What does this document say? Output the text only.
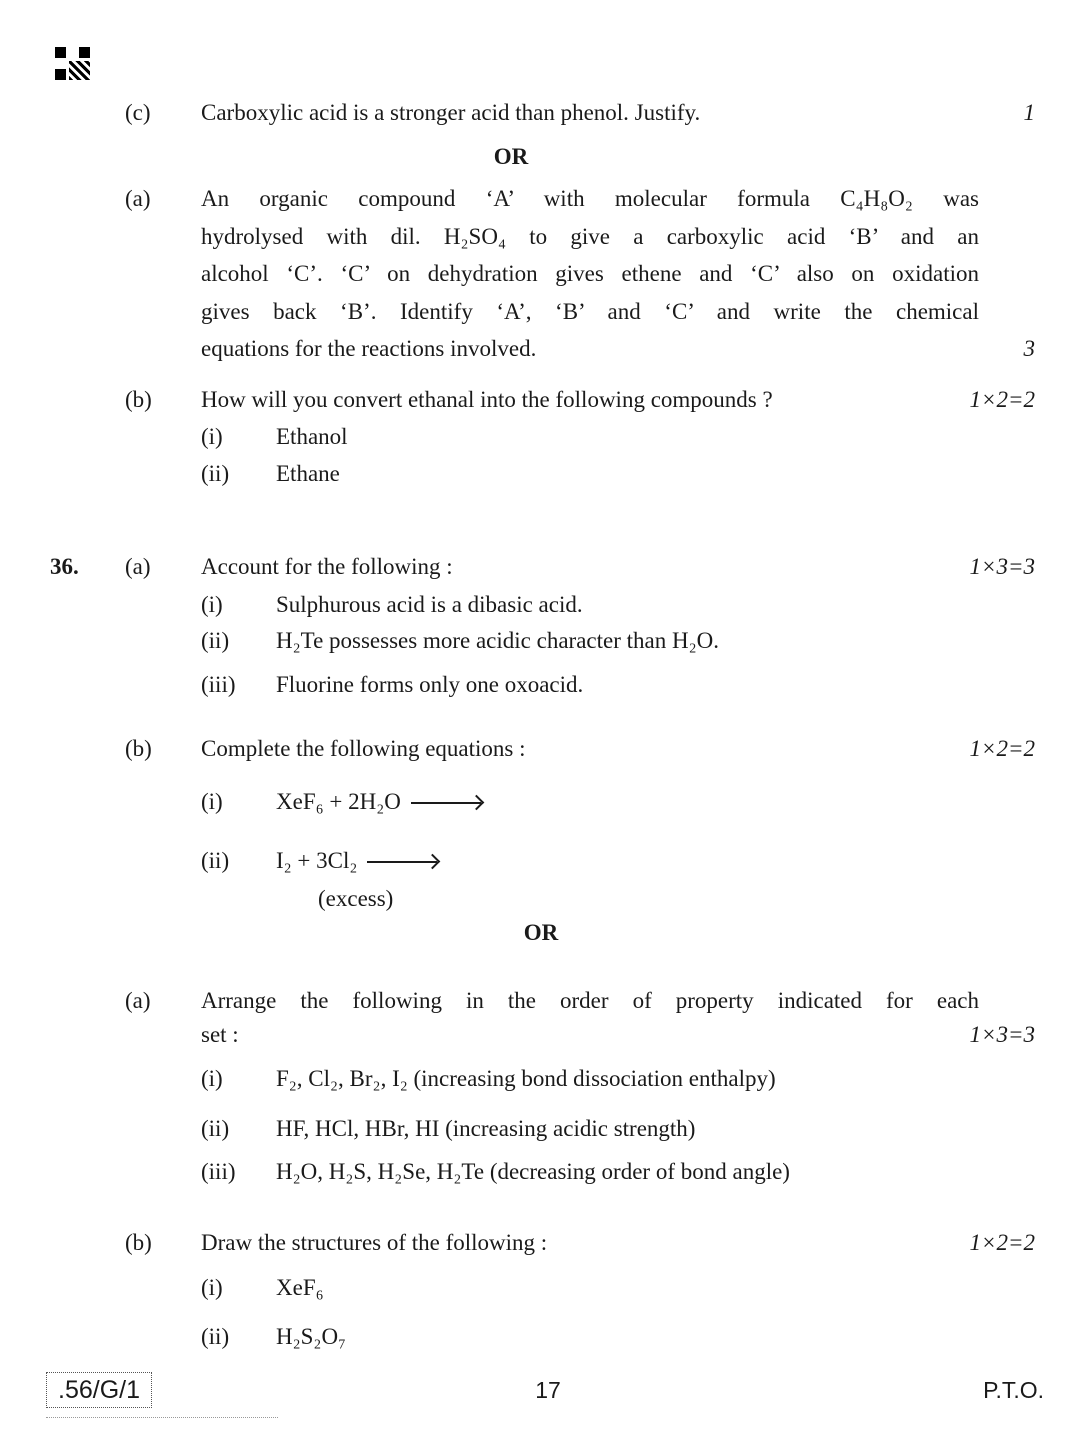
(c) Carboxylic acid is a stronger acid than phenol. Justify.	1
OR
(a) An organic compound ‘A’ with molecular formula C₄H₈O₂ was
hydrolysed with dil. H₂SO₄ to give a carboxylic acid ‘B’ and an
alcohol ‘C’. ‘C’ on dehydration gives ethene and ‘C’ also on oxidation
gives back ‘B’. Identify ‘A’, ‘B’ and ‘C’ and write the chemical
equations for the reactions involved.	3
(b) How will you convert ethanal into the following compounds ?	1×2=2
(i) Ethanol
(ii) Ethane
36. (a) Account for the following :	1×3=3
(i) Sulphurous acid is a dibasic acid.
(ii) H₂Te possesses more acidic character than H₂O.
(iii) Fluorine forms only one oxoacid.
(b) Complete the following equations :	1×2=2
(i) XeF₆ + 2H₂O
(ii) I₂ + 3Cl₂
(excess)
OR
(a) Arrange the following in the order of property indicated for each
set :	1×3=3
(i) F₂, Cl₂, Br₂, I₂ (increasing bond dissociation enthalpy)
(ii) HF, HCl, HBr, HI (increasing acidic strength)
(iii) H₂O, H₂S, H₂Se, H₂Te (decreasing order of bond angle)
(b) Draw the structures of the following :	1×2=2
(i) XeF₆
(ii) H₂S₂O₇
.56/G/1	17	P.T.O.
